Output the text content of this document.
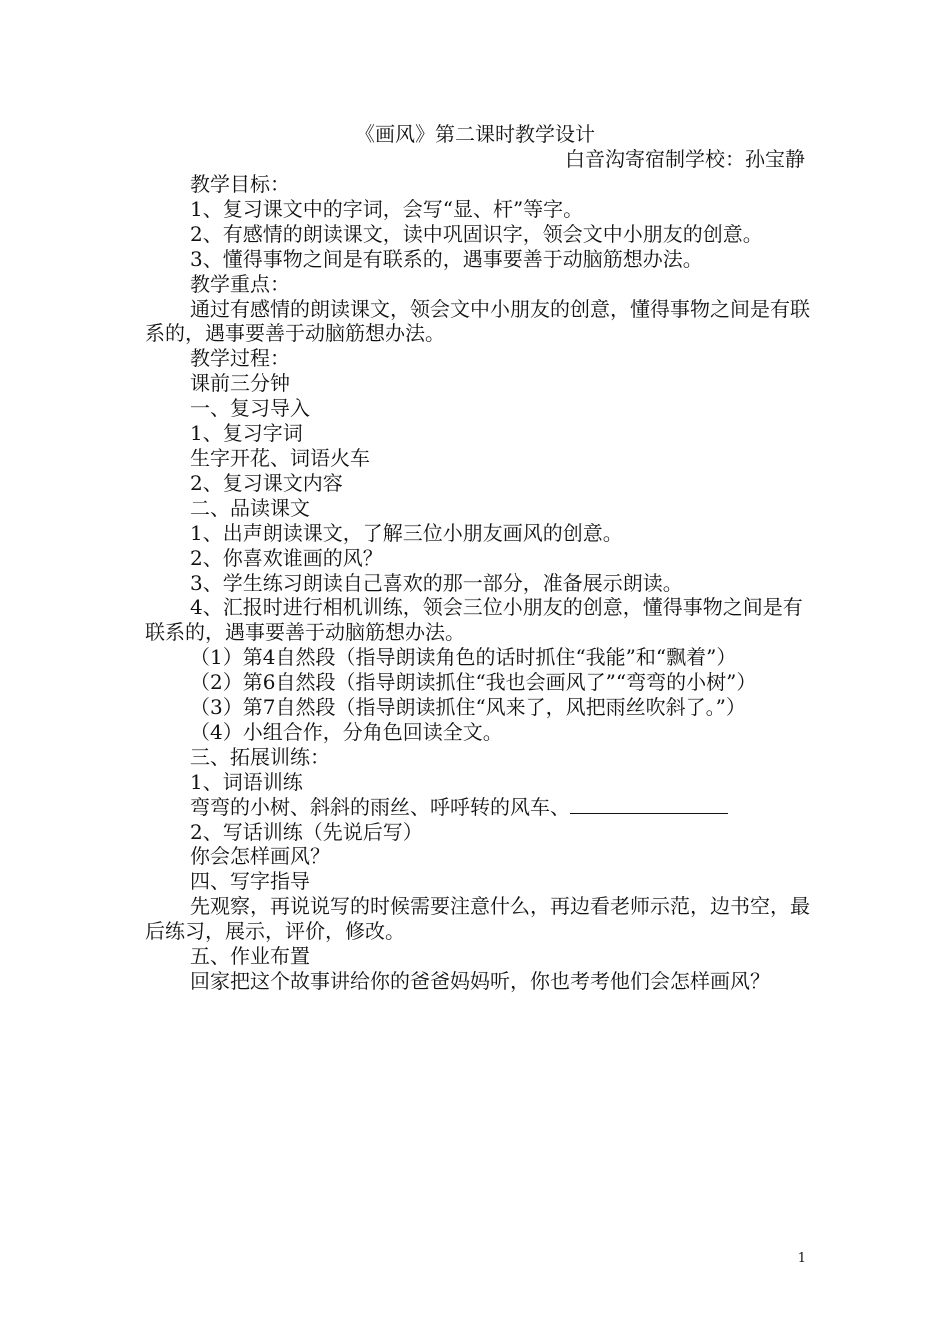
《画风》第二课时教学设计
白音沟寄宿制学校：孙宝静

教学目标：

1、复习课文中的字词，会写“显、杆”等字。

2、有感情的朗读课文，读中巩固识字，领会文中小朋友的创意。

3、懂得事物之间是有联系的，遇事要善于动脑筋想办法。

教学重点：

通过有感情的朗读课文，领会文中小朋友的创意，懂得事物之间是有联系的，遇事要善于动脑筋想办法。

教学过程：

课前三分钟

一、复习导入

1、复习字词

生字开花、词语火车

2、复习课文内容

二、品读课文

1、出声朗读课文，了解三位小朋友画风的创意。

2、你喜欢谁画的风？

3、学生练习朗读自己喜欢的那一部分，准备展示朗读。

4、汇报时进行相机训练，领会三位小朋友的创意，懂得事物之间是有联系的，遇事要善于动脑筋想办法。

（1）第4自然段（指导朗读角色的话时抓住“我能”和“飘着”）

（2）第6自然段（指导朗读抓住“我也会画风了”“弯弯的小树”）

（3）第7自然段（指导朗读抓住“风来了，风把雨丝吹斜了。”）

（4）小组合作，分角色回读全文。

三、拓展训练：

1、词语训练

弯弯的小树、斜斜的雨丝、呼呼转的风车、

2、写话训练（先说后写）

你会怎样画风？

四、写字指导

先观察，再说说写的时候需要注意什么，再边看老师示范，边书空，最后练习，展示，评价，修改。

五、作业布置

回家把这个故事讲给你的爸爸妈妈听，你也考考他们会怎样画风？

1
